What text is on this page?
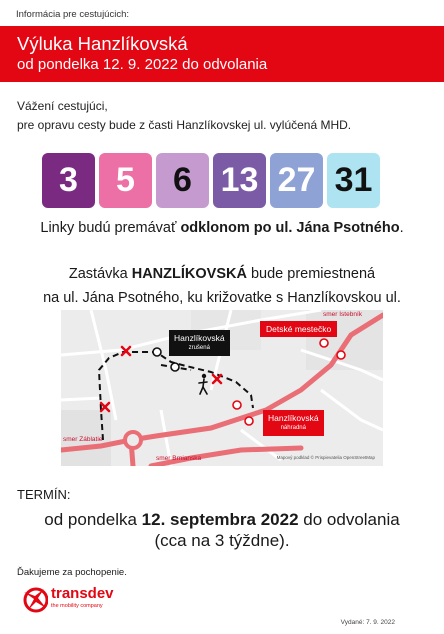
Informácia pre cestujúcich:
Výluka Hanzlíkovská
od pondelka 12. 9. 2022 do odvolania
Vážení cestujúci,
pre opravu cesty bude z časti Hanzlíkovskej ul. vylúčená MHD.
3	5	6 13 27 31
Linky budú premávať odklonom po ul. Jána Psotného.
Zastávka HANZLÍKOVSKÁ bude premiestnená
na ul. Jána Psotného, ku križovatke s Hanzlíkovskou ul.
Hanzlíkovská
zrušená
Hanzlíkovská
náhradná
Detské mestečko
smer Istebník
smer Záblatie
smer Brnianska	Mapový podklad © Prispievatelia OpenStreetMap
TERMÍN:
od pondelka 12. septembra 2022 do odvolania
(cca na 3 týždne).
Ďakujeme za pochopenie.
transdev
the mobility company
Vydané: 7. 9. 2022
